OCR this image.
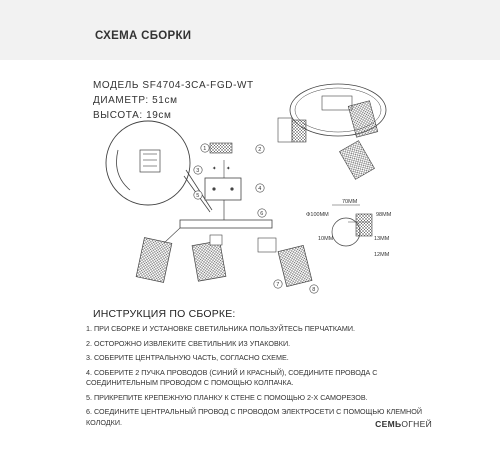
СХЕМА СБОРКИ
МОДЕЛЬ SF4704-3CA-FGD-WT
ДИАМЕТР: 51см
ВЫСОТА: 19см
✦ ✦
70MM
Φ100MM	98MM
10MM	13MM
12MM
1	2
3
4
5
6
7
8
ИНСТРУКЦИЯ ПО СБОРКЕ:
1. ПРИ СБОРКЕ И УСТАНОВКЕ СВЕТИЛЬНИКА ПОЛЬЗУЙТЕСЬ ПЕРЧАТКАМИ.
2. ОСТОРОЖНО ИЗВЛЕКИТЕ СВЕТИЛЬНИК ИЗ УПАКОВКИ.
3. СОБЕРИТЕ ЦЕНТРАЛЬНУЮ ЧАСТЬ, СОГЛАСНО СХЕМЕ.
4. СОБЕРИТЕ 2 ПУЧКА ПРОВОДОВ (СИНИЙ И КРАСНЫЙ), СОЕДИНИТЕ ПРОВОДА С СОЕДИНИТЕЛЬНЫМ ПРОВОДОМ С ПОМОЩЬЮ КОЛПАЧКА.
5. ПРИКРЕПИТЕ КРЕПЕЖНУЮ ПЛАНКУ К СТЕНЕ С ПОМОЩЬЮ 2-Х САМОРЕЗОВ.
6. СОЕДИНИТЕ ЦЕНТРАЛЬНЫЙ ПРОВОД С ПРОВОДОМ ЭЛЕКТРОСЕТИ С ПОМОЩЬЮ КЛЕМНОЙ КОЛОДКИ.	СЕМЬОГНЕЙ
